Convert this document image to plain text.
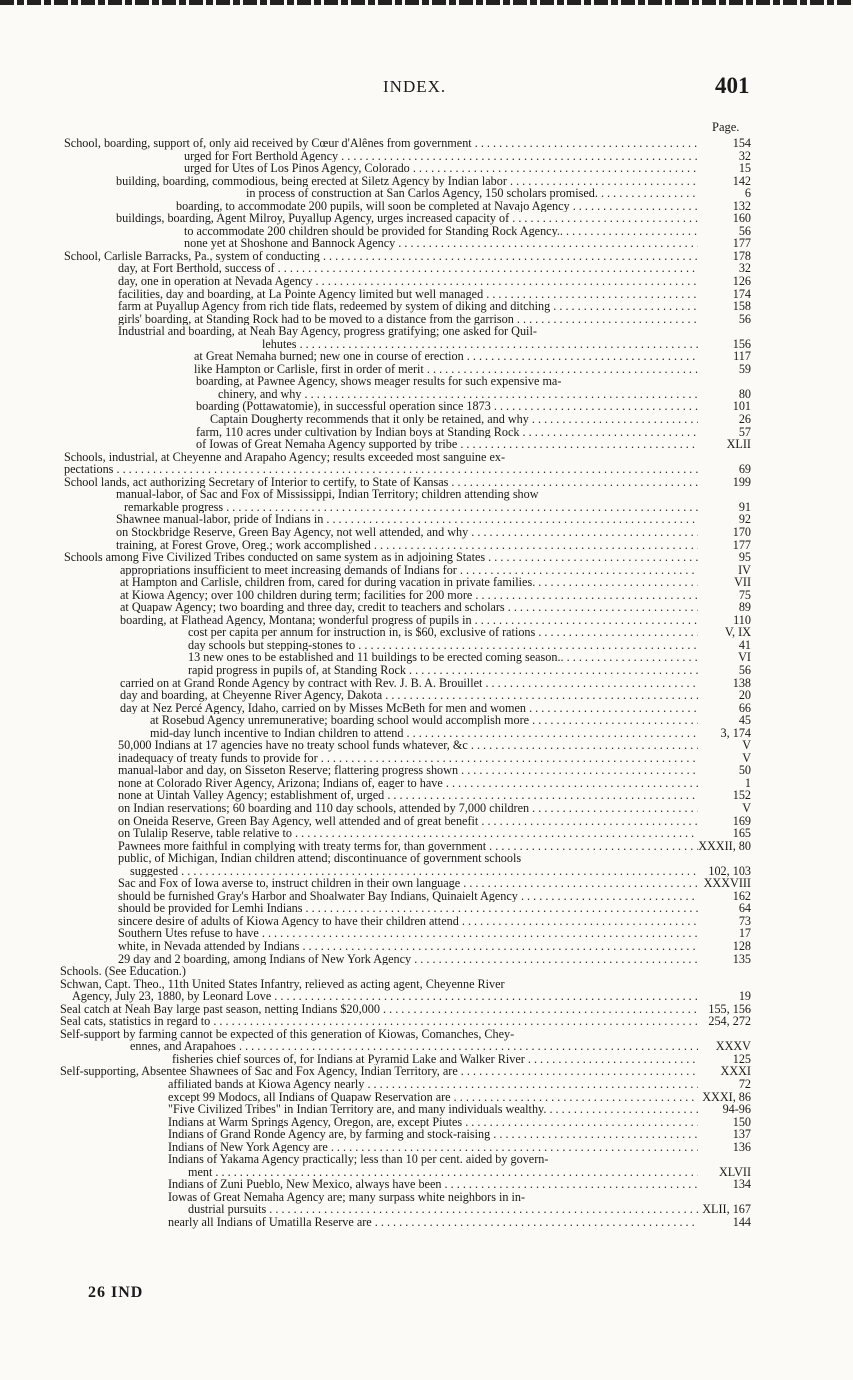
INDEX.	401
Page.
School, boarding, support of, only aid received by Cœur d'Alênes from government . . .	154
urged for Fort Berthold Agency . . .	32
urged for Utes of Los Pinos Agency, Colorado . . .	15
building, boarding, commodious, being erected at Siletz Agency by Indian labor . . .	142
in process of construction at San Carlos Agency, 150 scholars promised. . . .	6
boarding, to accommodate 200 pupils, will soon be completed at Navajo Agency . . .	132
buildings, boarding, Agent Milroy, Puyallup Agency, urges increased capacity of . . .	160
to accommodate 200 children should be provided for Standing Rock Agency.. . . .	56
none yet at Shoshone and Bannock Agency . . .	177
School, Carlisle Barracks, Pa., system of conducting . . .	178
day, at Fort Berthold, success of . . .	32
day, one in operation at Nevada Agency . . .	126
facilities, day and boarding, at La Pointe Agency limited but well managed . . .	174
farm at Puyallup Agency from rich tide flats, redeemed by system of diking and ditching . . .	158
girls' boarding, at Standing Rock had to be moved to a distance from the garrison . . .	56
Industrial and boarding, at Neah Bay Agency, progress gratifying; one asked for Quil-
lehutes . . .	156
at Great Nemaha burned; new one in course of erection . . .	117
like Hampton or Carlisle, first in order of merit . . .	59
boarding, at Pawnee Agency, shows meager results for such expensive ma-
chinery, and why . . .	80
boarding (Pottawatomie), in successful operation since 1873 . . .	101
Captain Dougherty recommends that it only be retained, and why . . .	26
farm, 110 acres under cultivation by Indian boys at Standing Rock . . .	57
of Iowas of Great Nemaha Agency supported by tribe . . .	XLII
Schools, industrial, at Cheyenne and Arapaho Agency; results exceeded most sanguine ex-
pectations . . .	69
School lands, act authorizing Secretary of Interior to certify, to State of Kansas . . .	199
manual-labor, of Sac and Fox of Mississippi, Indian Territory; children attending show
remarkable progress . . .	91
Shawnee manual-labor, pride of Indians in . . .	92
on Stockbridge Reserve, Green Bay Agency, not well attended, and why . . .	170
training, at Forest Grove, Oreg.; work accomplished . . .	177
Schools among Five Civilized Tribes conducted on same system as in adjoining States . . .	95
appropriations insufficient to meet increasing demands of Indians for . . .	IV
at Hampton and Carlisle, children from, cared for during vacation in private families. . . .	VII
at Kiowa Agency; over 100 children during term; facilities for 200 more . . .	75
at Quapaw Agency; two boarding and three day, credit to teachers and scholars . . .	89
boarding, at Flathead Agency, Montana; wonderful progress of pupils in . . .	110
cost per capita per annum for instruction in, is $60, exclusive of rations . . .	V, IX
day schools but stepping-stones to . . .	41
13 new ones to be established and 11 buildings to be erected coming season.. . . .	VI
rapid progress in pupils of, at Standing Rock . . .	56
carried on at Grand Ronde Agency by contract with Rev. J. B. A. Brouillet . . .	138
day and boarding, at Cheyenne River Agency, Dakota . . .	20
day at Nez Percé Agency, Idaho, carried on by Misses McBeth for men and women . . .	66
at Rosebud Agency unremunerative; boarding school would accomplish more . . .	45
mid-day lunch incentive to Indian children to attend . . .	3, 174
50,000 Indians at 17 agencies have no treaty school funds whatever, &c . . .	V
inadequacy of treaty funds to provide for . . .	V
manual-labor and day, on Sisseton Reserve; flattering progress shown . . .	50
none at Colorado River Agency, Arizona; Indians of, eager to have . . .	1
none at Uintah Valley Agency; establishment of, urged . . .	152
on Indian reservations; 60 boarding and 110 day schools, attended by 7,000 children . . .	V
on Oneida Reserve, Green Bay Agency, well attended and of great benefit . . .	169
on Tulalip Reserve, table relative to . . .	165
Pawnees more faithful in complying with treaty terms for, than government . . .	XXXII, 80
public, of Michigan, Indian children attend; discontinuance of government schools
suggested . . .	102, 103
Sac and Fox of Iowa averse to, instruct children in their own language . . .	XXXVIII
should be furnished Gray's Harbor and Shoalwater Bay Indians, Quinaielt Agency . . .	162
should be provided for Lemhi Indians . . .	64
sincere desire of adults of Kiowa Agency to have their children attend . . .	73
Southern Utes refuse to have . . .	17
white, in Nevada attended by Indians . . .	128
29 day and 2 boarding, among Indians of New York Agency . . .	135
Schools. (See Education.)
Schwan, Capt. Theo., 11th United States Infantry, relieved as acting agent, Cheyenne River
Agency, July 23, 1880, by Leonard Love . . .	19
Seal catch at Neah Bay large past season, netting Indians $20,000 . . .	155, 156
Seal cats, statistics in regard to . . .	254, 272
Self-support by farming cannot be expected of this generation of Kiowas, Comanches, Chey-
ennes, and Arapahoes . . .	XXXV
fisheries chief sources of, for Indians at Pyramid Lake and Walker River . . .	125
Self-supporting, Absentee Shawnees of Sac and Fox Agency, Indian Territory, are . . .	XXXI
affiliated bands at Kiowa Agency nearly . . .	72
except 99 Modocs, all Indians of Quapaw Reservation are . . .	XXXI, 86
"Five Civilized Tribes" in Indian Territory are, and many individuals wealthy. . . .	94-96
Indians at Warm Springs Agency, Oregon, are, except Piutes . . .	150
Indians of Grand Ronde Agency are, by farming and stock-raising . . .	137
Indians of New York Agency are . . .	136
Indians of Yakama Agency practically; less than 10 per cent. aided by govern-
ment . . .	XLVII
Indians of Zuni Pueblo, New Mexico, always have been . . .	134
Iowas of Great Nemaha Agency are; many surpass white neighbors in in-
dustrial pursuits . . .	XLII, 167
nearly all Indians of Umatilla Reserve are . . .	144
26 IND
